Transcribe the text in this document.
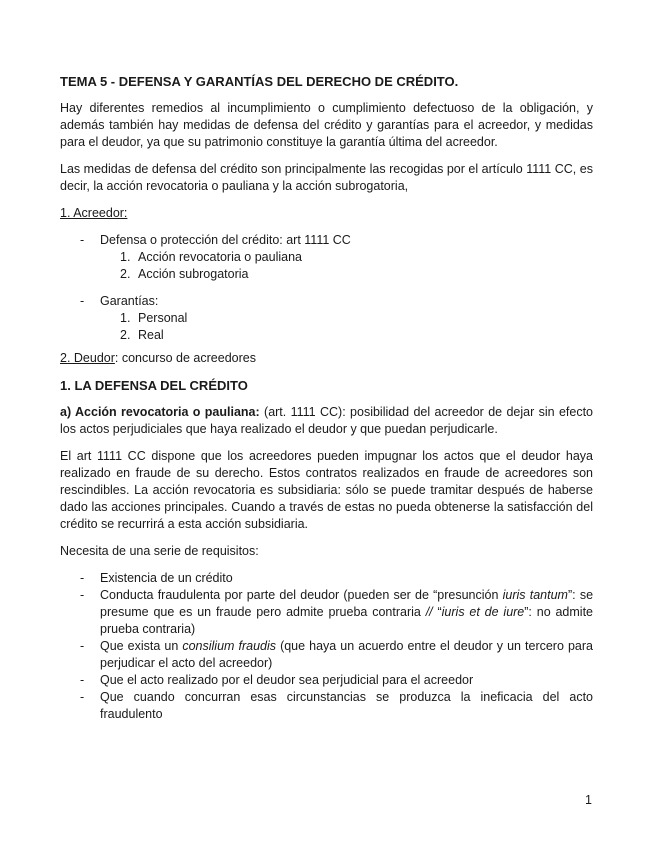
TEMA 5 - DEFENSA Y GARANTÍAS DEL DERECHO DE CRÉDITO.

Hay diferentes remedios al incumplimiento o cumplimiento defectuoso de la obligación, y además también hay medidas de defensa del crédito y garantías para el acreedor, y medidas para el deudor, ya que su patrimonio constituye la garantía última del acreedor.

Las medidas de defensa del crédito son principalmente las recogidas por el artículo 1111 CC, es decir, la acción revocatoria o pauliana y la acción subrogatoria,

1. Acreedor:

- Defensa o protección del crédito: art 1111 CC
1. Acción revocatoria o pauliana
2. Acción subrogatoria
- Garantías:
1. Personal
2. Real

2. Deudor: concurso de acreedores

1. LA DEFENSA DEL CRÉDITO

a) Acción revocatoria o pauliana: (art. 1111 CC): posibilidad del acreedor de dejar sin efecto los actos perjudiciales que haya realizado el deudor y que puedan perjudicarle.

El art 1111 CC dispone que los acreedores pueden impugnar los actos que el deudor haya realizado en fraude de su derecho. Estos contratos realizados en fraude de acreedores son rescindibles. La acción revocatoria es subsidiaria: sólo se puede tramitar después de haberse dado las acciones principales. Cuando a través de estas no pueda obtenerse la satisfacción del crédito se recurrirá a esta acción subsidiaria.

Necesita de una serie de requisitos:

- Existencia de un crédito
- Conducta fraudulenta por parte del deudor (pueden ser de “presunción iuris tantum”: se presume que es un fraude pero admite prueba contraria // “iuris et de iure”: no admite prueba contraria)
- Que exista un consilium fraudis (que haya un acuerdo entre el deudor y un tercero para perjudicar el acto del acreedor)
- Que el acto realizado por el deudor sea perjudicial para el acreedor
- Que cuando concurran esas circunstancias se produzca la ineficacia del acto fraudulento
1
